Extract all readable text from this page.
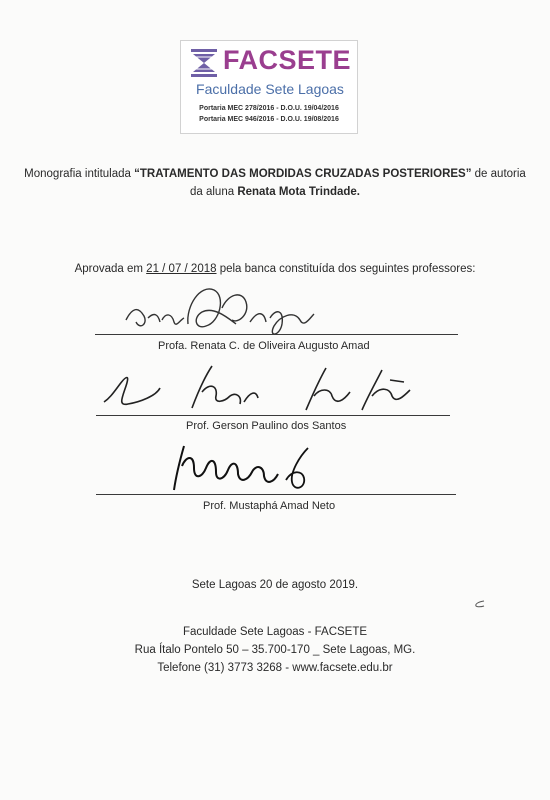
FACSETE
Faculdade Sete Lagoas
Portaria MEC 278/2016 - D.O.U. 19/04/2016
Portaria MEC 946/2016 - D.O.U. 19/08/2016
Monografia intitulada “TRATAMENTO DAS MORDIDAS CRUZADAS POSTERIORES” de autoria da aluna Renata Mota Trindade.
Aprovada em 21 / 07 / 2018 pela banca constituída dos seguintes professores:
Profa. Renata C. de Oliveira Augusto Amad
Prof. Gerson Paulino dos Santos
Prof. Mustaphá Amad Neto
Sete Lagoas 20 de agosto 2019.
Faculdade Sete Lagoas - FACSETE
Rua Ítalo Pontelo 50 – 35.700-170 _ Sete Lagoas, MG.
Telefone (31) 3773 3268 - www.facsete.edu.br
